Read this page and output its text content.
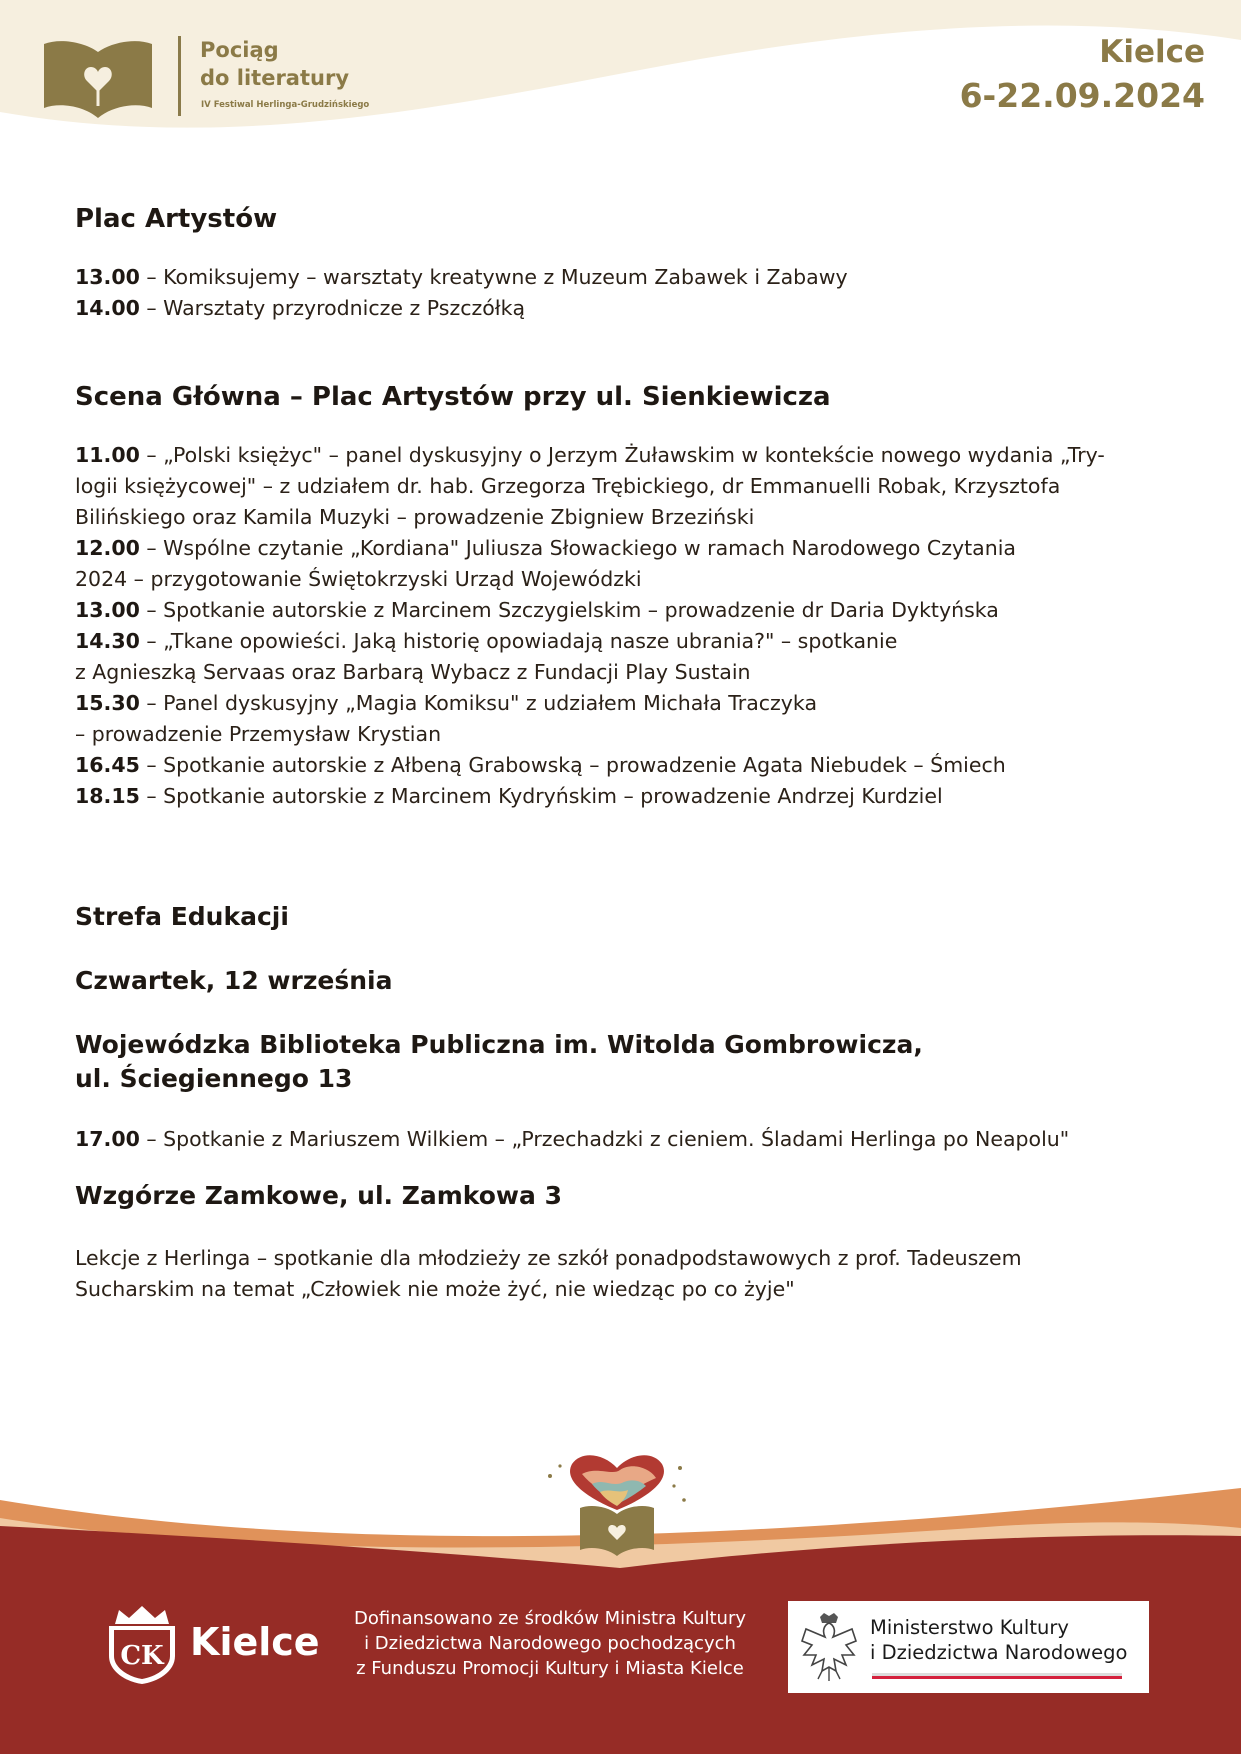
Pociąg
do literatury
IV Festiwal Herlinga-Grudzińskiego
Kielce
6-22.09.2024
Plac Artystów

13.00 – Komiksujemy – warsztaty kreatywne z Muzeum Zabawek i Zabawy
14.00 – Warsztaty przyrodnicze z Pszczółką

Scena Główna – Plac Artystów przy ul. Sienkiewicza

11.00 – „Polski księżyc" – panel dyskusyjny o Jerzym Żuławskim w kontekście nowego wydania „Try-
logii księżycowej" – z udziałem dr. hab. Grzegorza Trębickiego, dr Emmanuelli Robak, Krzysztofa
Bilińskiego oraz Kamila Muzyki – prowadzenie Zbigniew Brzeziński
12.00 – Wspólne czytanie „Kordiana" Juliusza Słowackiego w ramach Narodowego Czytania
2024 – przygotowanie Świętokrzyski Urząd Wojewódzki
13.00 – Spotkanie autorskie z Marcinem Szczygielskim – prowadzenie dr Daria Dyktyńska
14.30 – „Tkane opowieści. Jaką historię opowiadają nasze ubrania?" – spotkanie
z Agnieszką Servaas oraz Barbarą Wybacz z Fundacji Play Sustain
15.30 – Panel dyskusyjny „Magia Komiksu" z udziałem Michała Traczyka
– prowadzenie Przemysław Krystian
16.45 – Spotkanie autorskie z Ałbeną Grabowską – prowadzenie Agata Niebudek – Śmiech
18.15 – Spotkanie autorskie z Marcinem Kydryńskim – prowadzenie Andrzej Kurdziel

Strefa Edukacji
Czwartek, 12 września
Wojewódzka Biblioteka Publiczna im. Witolda Gombrowicza,
ul. Ściegiennego 13

17.00 – Spotkanie z Mariuszem Wilkiem – „Przechadzki z cieniem. Śladami Herlinga po Neapolu"

Wzgórze Zamkowe, ul. Zamkowa 3

Lekcje z Herlinga – spotkanie dla młodzieży ze szkół ponadpodstawowych z prof. Tadeuszem
Sucharskim na temat „Człowiek nie może żyć, nie wiedząc po co żyje"

CK Kielce
Dofinansowano ze środków Ministra Kultury
i Dziedzictwa Narodowego pochodzących
z Funduszu Promocji Kultury i Miasta Kielce
Ministerstwo Kultury
i Dziedzictwa Narodowego
